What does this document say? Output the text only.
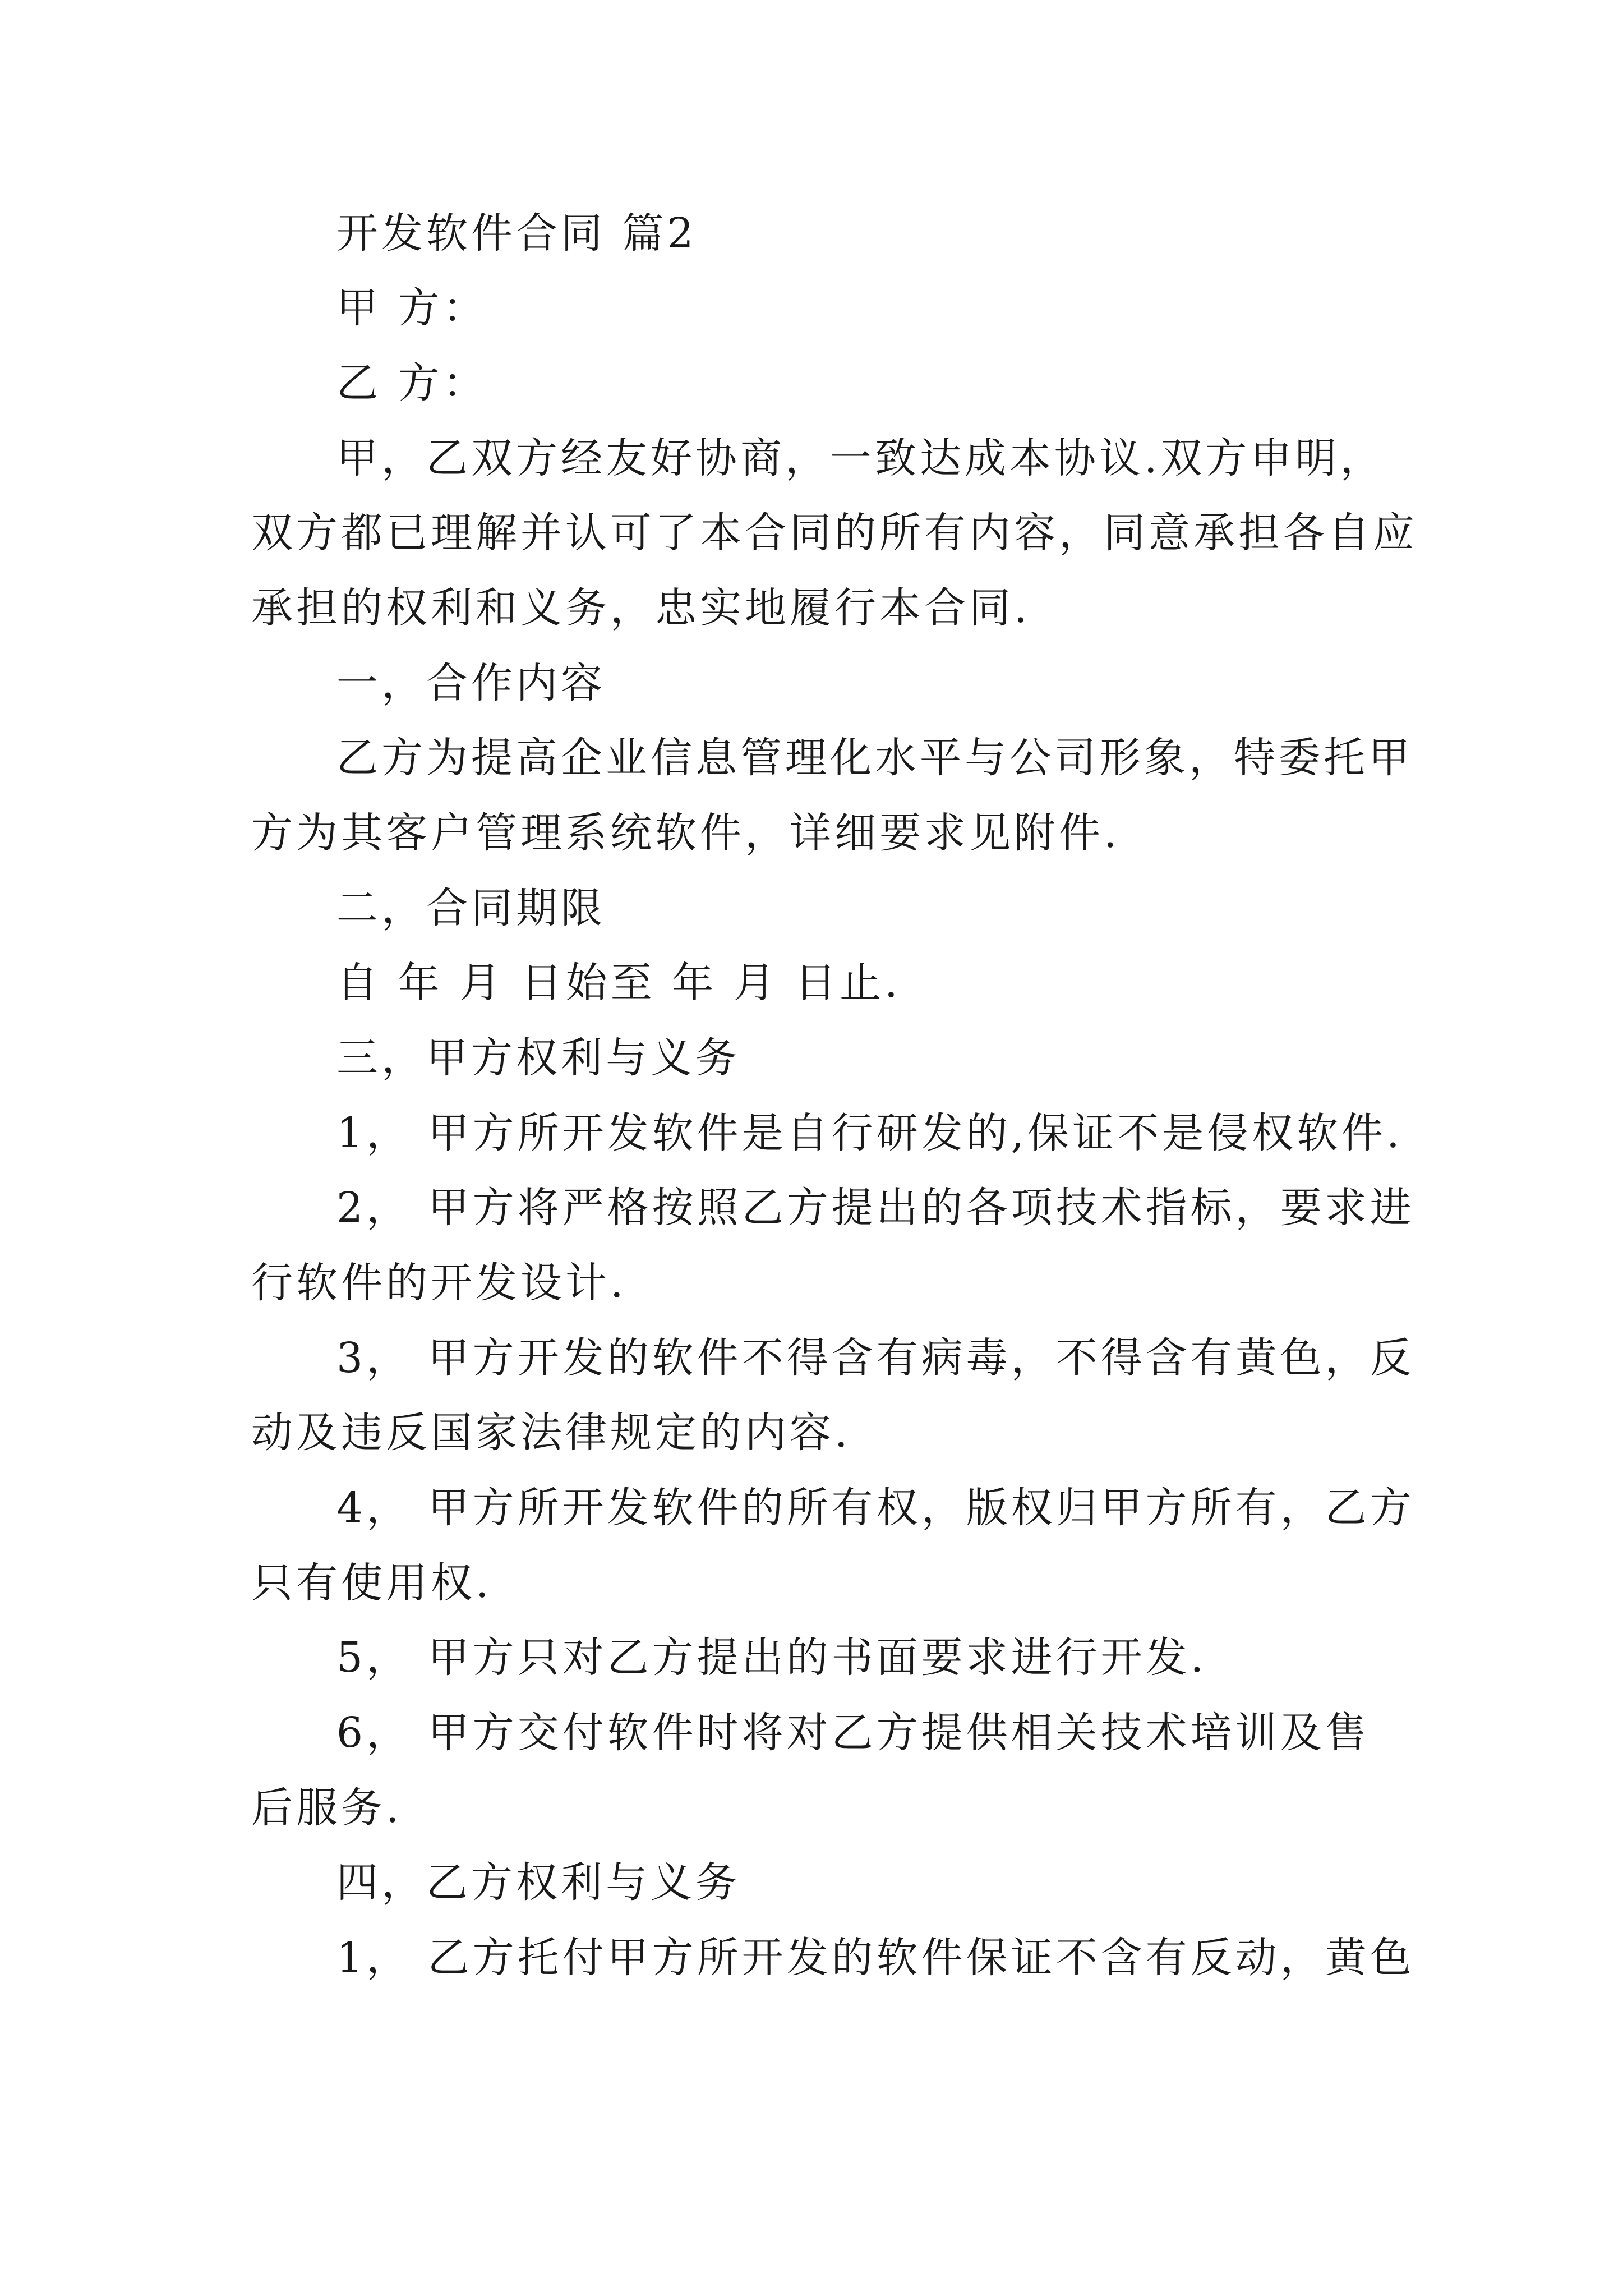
开发软件合同 篇2
甲 方：
乙 方：
甲，乙双方经友好协商，一致达成本协议.双方申明，
双方都已理解并认可了本合同的所有内容，同意承担各自应
承担的权利和义务，忠实地履行本合同.
一，合作内容
乙方为提高企业信息管理化水平与公司形象，特委托甲
方为其客户管理系统软件，详细要求见附件.
二，合同期限
自 年 月 日始至 年 月 日止.
三，甲方权利与义务
1， 甲方所开发软件是自行研发的,保证不是侵权软件.
2， 甲方将严格按照乙方提出的各项技术指标，要求进
行软件的开发设计.
3， 甲方开发的软件不得含有病毒，不得含有黄色，反
动及违反国家法律规定的内容.
4， 甲方所开发软件的所有权，版权归甲方所有，乙方
只有使用权.
5， 甲方只对乙方提出的书面要求进行开发.
6， 甲方交付软件时将对乙方提供相关技术培训及售
后服务.
四，乙方权利与义务
1， 乙方托付甲方所开发的软件保证不含有反动，黄色
